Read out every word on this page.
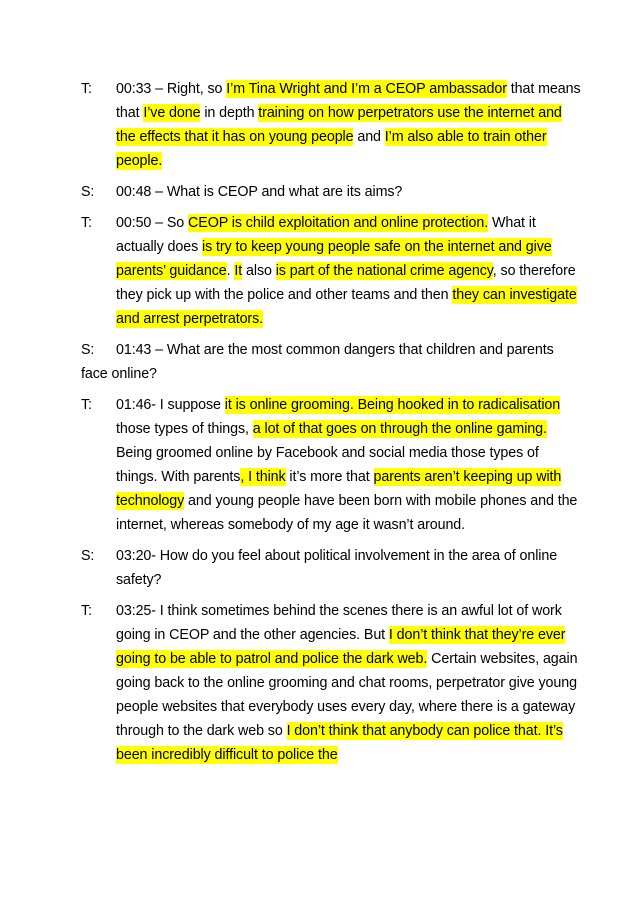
T: 00:33 – Right, so I’m Tina Wright and I’m a CEOP ambassador that means that I’ve done in depth training on how perpetrators use the internet and the effects that it has on young people and I’m also able to train other people.
S: 00:48 – What is CEOP and what are its aims?
T: 00:50 – So CEOP is child exploitation and online protection. What it actually does is try to keep young people safe on the internet and give parents’ guidance. It also is part of the national crime agency, so therefore they pick up with the police and other teams and then they can investigate and arrest perpetrators.
S: 01:43 – What are the most common dangers that children and parents face online?
T: 01:46- I suppose it is online grooming. Being hooked in to radicalisation those types of things, a lot of that goes on through the online gaming. Being groomed online by Facebook and social media those types of things. With parents, I think it’s more that parents aren’t keeping up with technology and young people have been born with mobile phones and the internet, whereas somebody of my age it wasn’t around.
S: 03:20- How do you feel about political involvement in the area of online safety?
T: 03:25- I think sometimes behind the scenes there is an awful lot of work going in CEOP and the other agencies. But I don’t think that they’re ever going to be able to patrol and police the dark web. Certain websites, again going back to the online grooming and chat rooms, perpetrator give young people websites that everybody uses every day, where there is a gateway through to the dark web so I don’t think that anybody can police that. It’s been incredibly difficult to police the
